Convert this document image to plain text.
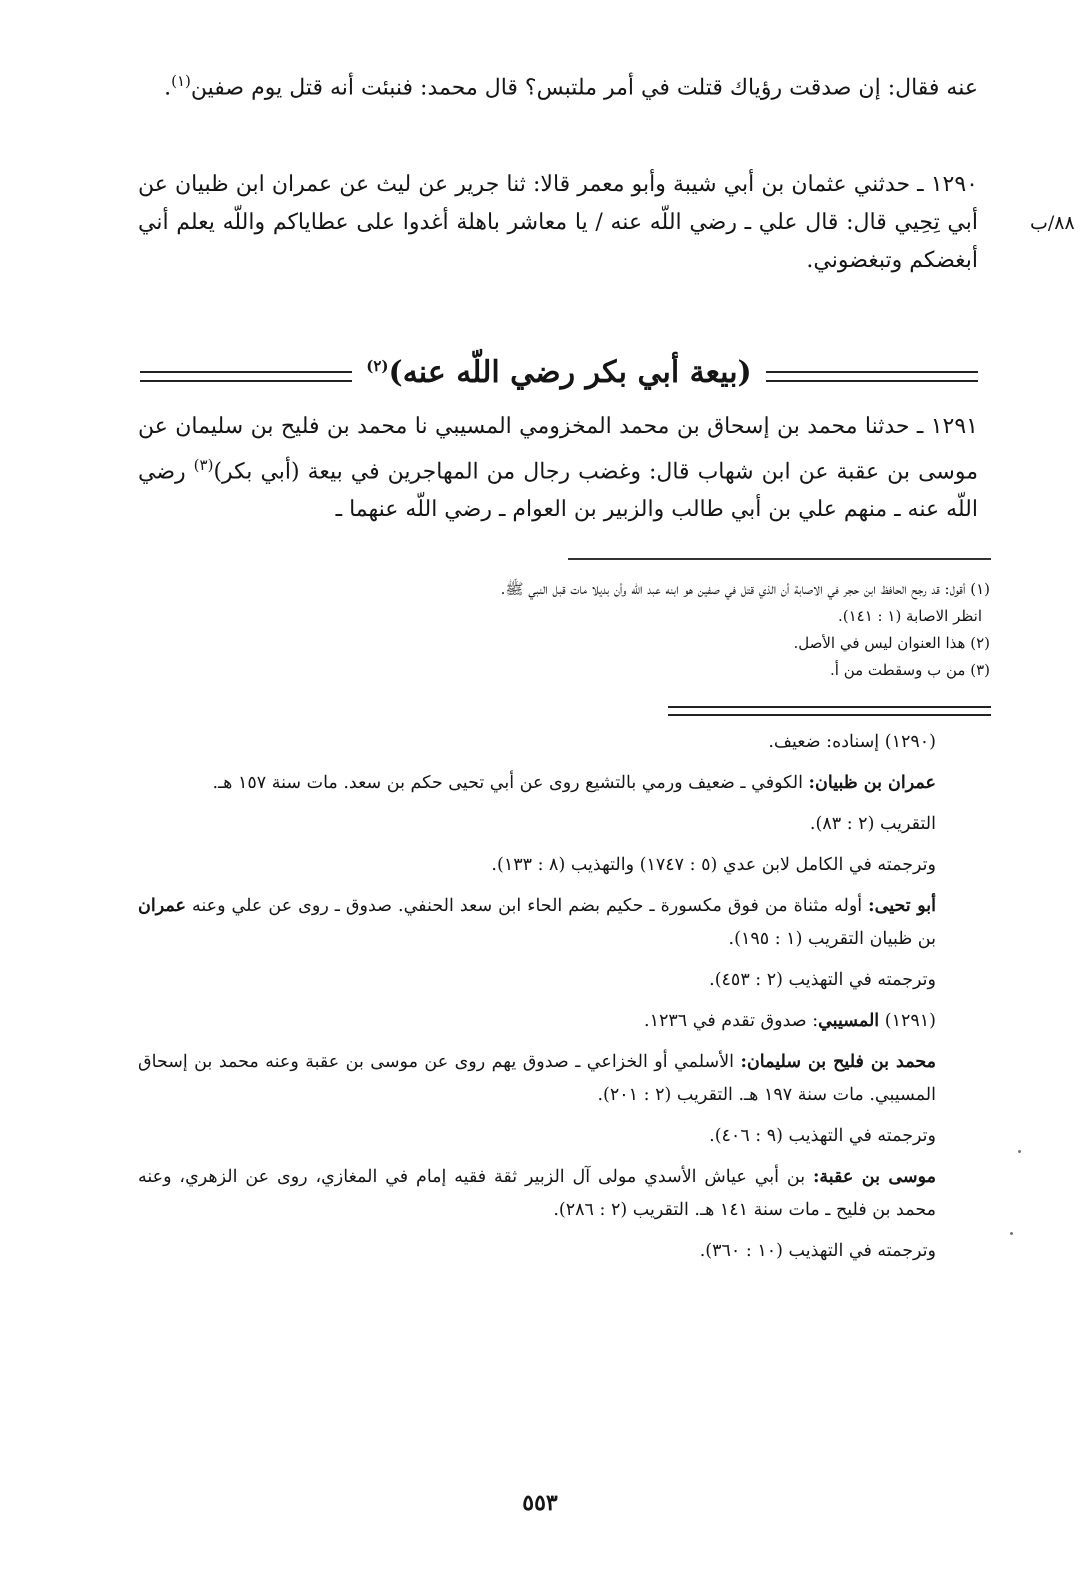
عنه فقال: إن صدقت رؤياك قتلت في أمر ملتبس؟ قال محمد: فنبئت أنه قتل يوم صفين$^{(١)}$.

١٢٩٠ ـ حدثني عثمان بن أبي شيبة وأبو معمر قالا: ثنا جرير عن ليث عن عمران ابن ظبيان عن أبي تِحِيي قال: قال علي ـ رضي اللّه عنه / يا معاشر باهلة أغدوا على عطاياكم واللّه يعلم أني أبغضكم وتبغضوني.

٨٨/ب
(بيعة أبي بكر رضي اللّه عنه)$^{(٢)}$

١٢٩١ ـ حدثنا محمد بن إسحاق بن محمد المخزومي المسيبي نا محمد بن فليح بن سليمان عن موسى بن عقبة عن ابن شهاب قال: وغضب رجال من المهاجرين في بيعة (أبي بكر)$^{(٣)}$ رضي اللّه عنه ـ منهم علي بن أبي طالب والزبير بن العوام ـ رضي اللّه عنهما ـ

(١) أقول: قد رجح الحافظ ابن حجر في الاصابة أن الذي قتل في صفين هو ابنه عبد اللّه وأن بديلا مات قبل النبي ﷺ.

انظر الاصابة (١ : ١٤١).

(٢) هذا العنوان ليس في الأصل.

(٣) من ب وسقطت من أ.

(١٢٩٠) إسناده: ضعيف.

عمران بن ظبيان: الكوفي ـ ضعيف ورمي بالتشيع روى عن أبي تحيى حكم بن سعد. مات سنة ١٥٧ هـ.

التقريب (٢ : ٨٣).

وترجمته في الكامل لابن عدي (٥ : ١٧٤٧) والتهذيب (٨ : ١٣٣).

أبو تحيى: أوله مثناة من فوق مكسورة ـ حكيم بضم الحاء ابن سعد الحنفي. صدوق ـ روى عن علي وعنه عمران بن ظبيان التقريب (١ : ١٩٥).

وترجمته في التهذيب (٢ : ٤٥٣).

(١٢٩١) المسيبي: صدوق تقدم في ١٢٣٦.

محمد بن فليح بن سليمان: الأسلمي أو الخزاعي ـ صدوق يهم روى عن موسى بن عقبة وعنه محمد بن إسحاق المسيبي. مات سنة ١٩٧ هـ. التقريب (٢ : ٢٠١).

وترجمته في التهذيب (٩ : ٤٠٦).

موسى بن عقبة: بن أبي عياش الأسدي مولى آل الزبير ثقة فقيه إمام في المغازي، روى عن الزهري، وعنه محمد بن فليح ـ مات سنة ١٤١ هـ. التقريب (٢ : ٢٨٦).

وترجمته في التهذيب (١٠ : ٣٦٠).

٥٥٣
